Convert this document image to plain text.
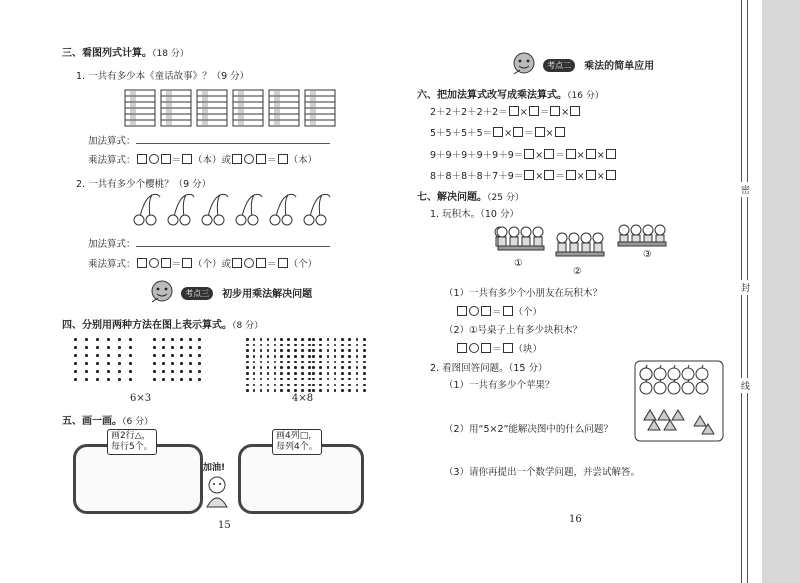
密
封
线
三、看图列式计算。（18 分）
1. 一共有多少本《童话故事》？（9 分）
加法算式：
乘法算式：	＝ （本）或	＝ （本）
2. 一共有多少个樱桃？（9 分）
加法算式：
乘法算式：	＝ （个）或	＝ （个）
考点三 初步用乘法解决问题
四、分别用两种方法在图上表示算式。（8 分）
6×3	4×8
五、画一画。（6 分）
画2行△，
每行5个。
画4列□，
每列4个。
加油!
15
考点二 乘法的简单应用
六、把加法算式改写成乘法算式。（16 分）
2＋2＋2＋2＋2＝ × ＝ ×
5＋5＋5＋5＝ × ＝ ×
9＋9＋9＋9＋9＋9＝ × ＝ × ×
8＋8＋8＋8＋7＋9＝ × ＝ × ×
七、解决问题。（25 分）
1. 玩积木。（10 分）
①
②
③
（1）一共有多少个小朋友在玩积木？
＝ （个）
（2）①号桌子上有多少块积木？
＝ （块）
2. 看图回答问题。（15 分）
（1）一共有多少个苹果？
（2）用“5×2”能解决图中的什么问题？
（3）请你再提出一个数学问题，并尝试解答。
16
